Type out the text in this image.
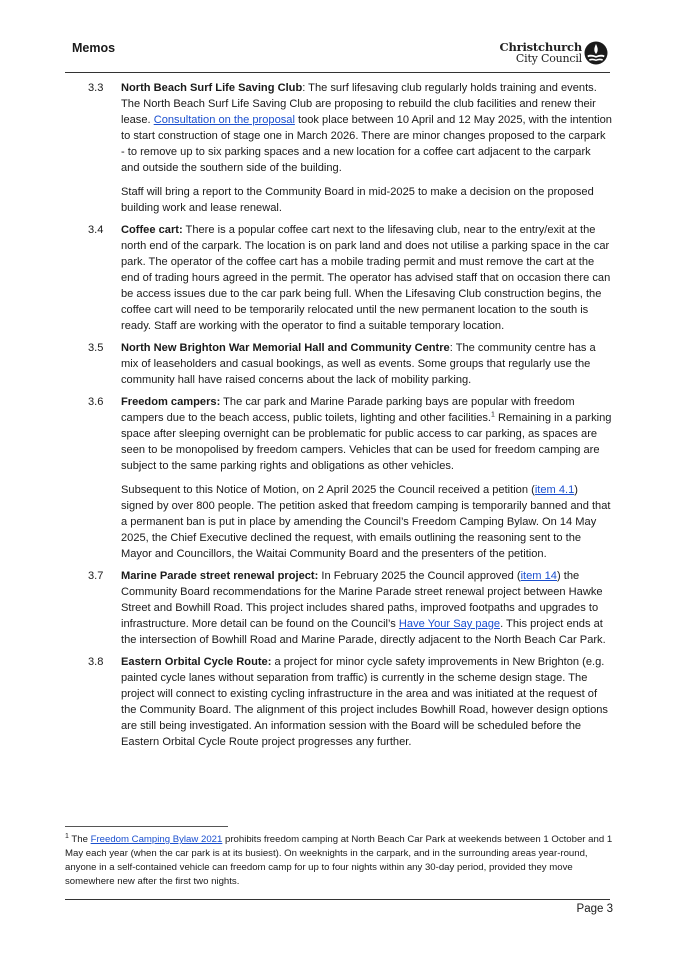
Memos	Christchurch
City Council
3.3 North Beach Surf Life Saving Club: The surf lifesaving club regularly holds training and events. The North Beach Surf Life Saving Club are proposing to rebuild the club facilities and renew their lease. Consultation on the proposal took place between 10 April and 12 May 2025, with the intention to start construction of stage one in March 2026. There are minor changes proposed to the carpark - to remove up to six parking spaces and a new location for a coffee cart adjacent to the carpark and outside the southern side of the building.

Staff will bring a report to the Community Board in mid-2025 to make a decision on the proposed building work and lease renewal.

3.4 Coffee cart: There is a popular coffee cart next to the lifesaving club, near to the entry/exit at the north end of the carpark. The location is on park land and does not utilise a parking space in the car park. The operator of the coffee cart has a mobile trading permit and must remove the cart at the end of trading hours agreed in the permit. The operator has advised staff that on occasion there can be access issues due to the car park being full. When the Lifesaving Club construction begins, the coffee cart will need to be temporarily relocated until the new permanent location to the south is ready. Staff are working with the operator to find a suitable temporary location.

3.5 North New Brighton War Memorial Hall and Community Centre: The community centre has a mix of leaseholders and casual bookings, as well as events. Some groups that regularly use the community hall have raised concerns about the lack of mobility parking.

3.6 Freedom campers: The car park and Marine Parade parking bays are popular with freedom campers due to the beach access, public toilets, lighting and other facilities.$^1$ Remaining in a parking space after sleeping overnight can be problematic for public access to car parking, as spaces are seen to be monopolised by freedom campers. Vehicles that can be used for freedom camping are subject to the same parking rights and obligations as other vehicles.

Subsequent to this Notice of Motion, on 2 April 2025 the Council received a petition (item 4.1) signed by over 800 people. The petition asked that freedom camping is temporarily banned and that a permanent ban is put in place by amending the Council’s Freedom Camping Bylaw. On 14 May 2025, the Chief Executive declined the request, with emails outlining the reasoning sent to the Mayor and Councillors, the Waitai Community Board and the presenters of the petition.

3.7 Marine Parade street renewal project: In February 2025 the Council approved (item 14) the Community Board recommendations for the Marine Parade street renewal project between Hawke Street and Bowhill Road. This project includes shared paths, improved footpaths and upgrades to infrastructure. More detail can be found on the Council’s Have Your Say page. This project ends at the intersection of Bowhill Road and Marine Parade, directly adjacent to the North Beach Car Park.

3.8 Eastern Orbital Cycle Route: a project for minor cycle safety improvements in New Brighton (e.g. painted cycle lanes without separation from traffic) is currently in the scheme design stage. The project will connect to existing cycling infrastructure in the area and was initiated at the request of the Community Board. The alignment of this project includes Bowhill Road, however design options are still being investigated. An information session with the Board will be scheduled before the Eastern Orbital Cycle Route project progresses any further.

$^1$ The Freedom Camping Bylaw 2021 prohibits freedom camping at North Beach Car Park at weekends between 1 October and 1 May each year (when the car park is at its busiest). On weeknights in the carpark, and in the surrounding areas year-round, anyone in a self-contained vehicle can freedom camp for up to four nights within any 30-day period, provided they move somewhere new after the first two nights.
Page 3
